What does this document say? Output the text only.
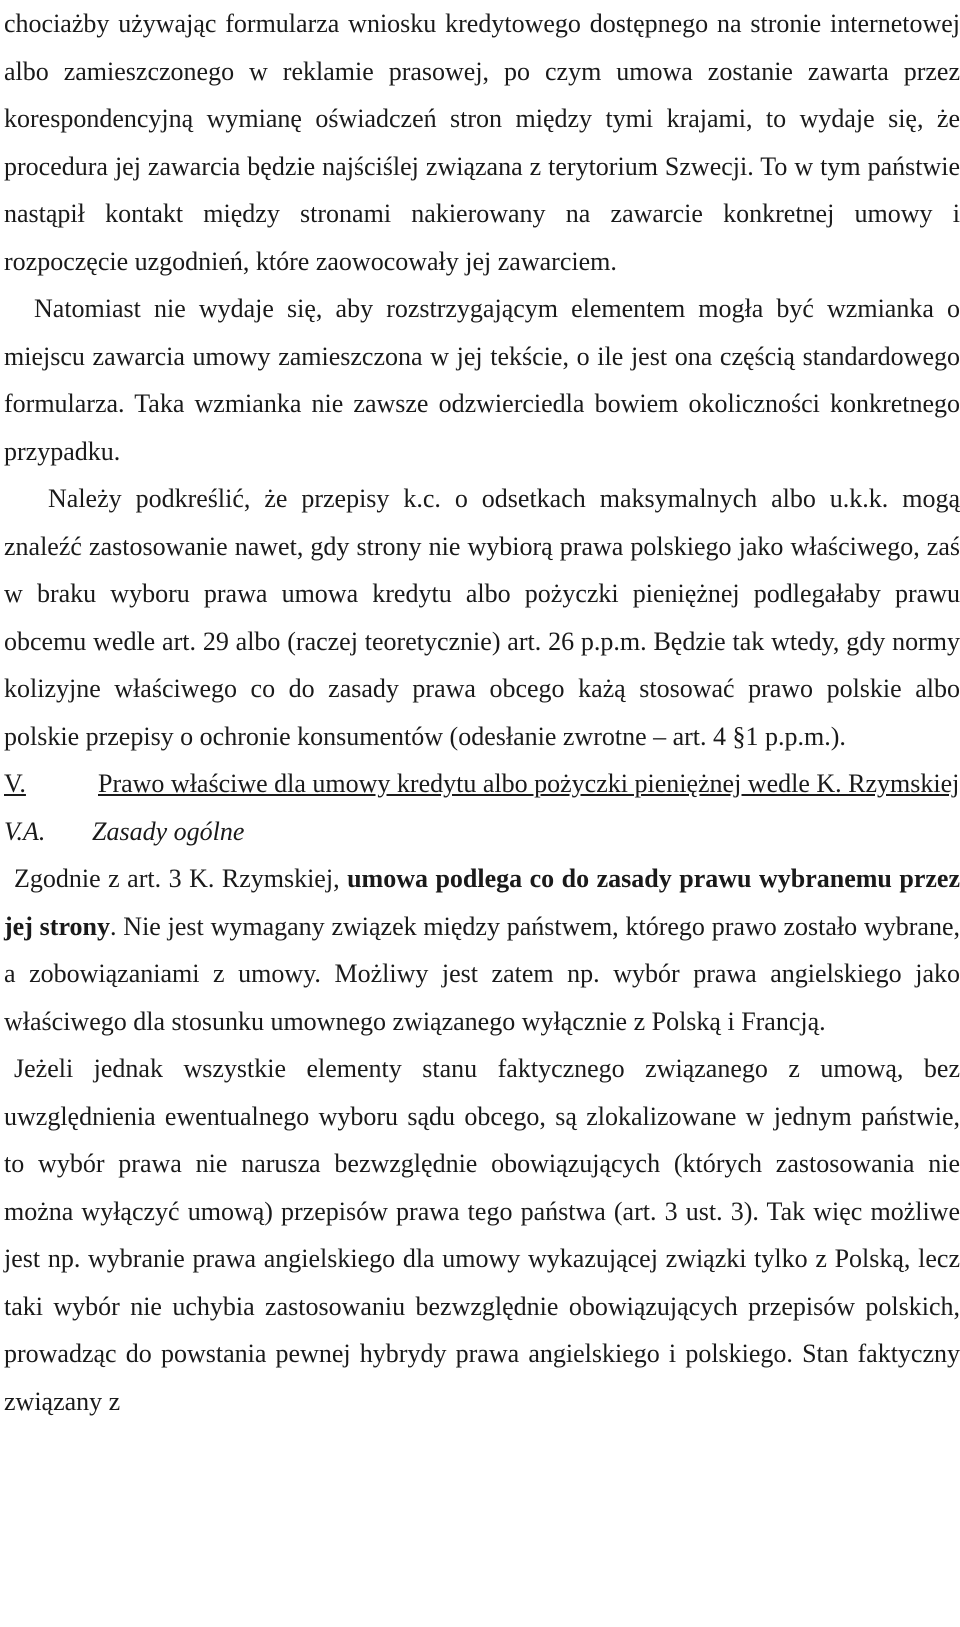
chociażby używając formularza wniosku kredytowego dostępnego na stronie internetowej albo zamieszczonego w reklamie prasowej, po czym umowa zostanie zawarta przez korespondencyjną wymianę oświadczeń stron między tymi krajami, to wydaje się, że procedura jej zawarcia będzie najściślej związana z terytorium Szwecji. To w tym państwie nastąpił kontakt między stronami nakierowany na zawarcie konkretnej umowy i rozpoczęcie uzgodnień, które zaowocowały jej zawarciem.

Natomiast nie wydaje się, aby rozstrzygającym elementem mogła być wzmianka o miejscu zawarcia umowy zamieszczona w jej tekście, o ile jest ona częścią standardowego formularza. Taka wzmianka nie zawsze odzwierciedla bowiem okoliczności konkretnego przypadku.

Należy podkreślić, że przepisy k.c. o odsetkach maksymalnych albo u.k.k. mogą znaleźć zastosowanie nawet, gdy strony nie wybiorą prawa polskiego jako właściwego, zaś w braku wyboru prawa umowa kredytu albo pożyczki pieniężnej podlegałaby prawu obcemu wedle art. 29 albo (raczej teoretycznie) art. 26 p.p.m. Będzie tak wtedy, gdy normy kolizyjne właściwego co do zasady prawa obcego każą stosować prawo polskie albo polskie przepisy o ochronie konsumentów (odesłanie zwrotne – art. 4 §1 p.p.m.).

V.	Prawo właściwe dla umowy kredytu albo pożyczki pieniężnej wedle K. Rzymskiej
V.A. Zasady ogólne

Zgodnie z art. 3 K. Rzymskiej, umowa podlega co do zasady prawu wybranemu przez jej strony. Nie jest wymagany związek między państwem, którego prawo zostało wybrane, a zobowiązaniami z umowy. Możliwy jest zatem np. wybór prawa angielskiego jako właściwego dla stosunku umownego związanego wyłącznie z Polską i Francją.

Jeżeli jednak wszystkie elementy stanu faktycznego związanego z umową, bez uwzględnienia ewentualnego wyboru sądu obcego, są zlokalizowane w jednym państwie, to wybór prawa nie narusza bezwzględnie obowiązujących (których zastosowania nie można wyłączyć umową) przepisów prawa tego państwa (art. 3 ust. 3). Tak więc możliwe jest np. wybranie prawa angielskiego dla umowy wykazującej związki tylko z Polską, lecz taki wybór nie uchybia zastosowaniu bezwzględnie obowiązujących przepisów polskich, prowadząc do powstania pewnej hybrydy prawa angielskiego i polskiego. Stan faktyczny związany z
